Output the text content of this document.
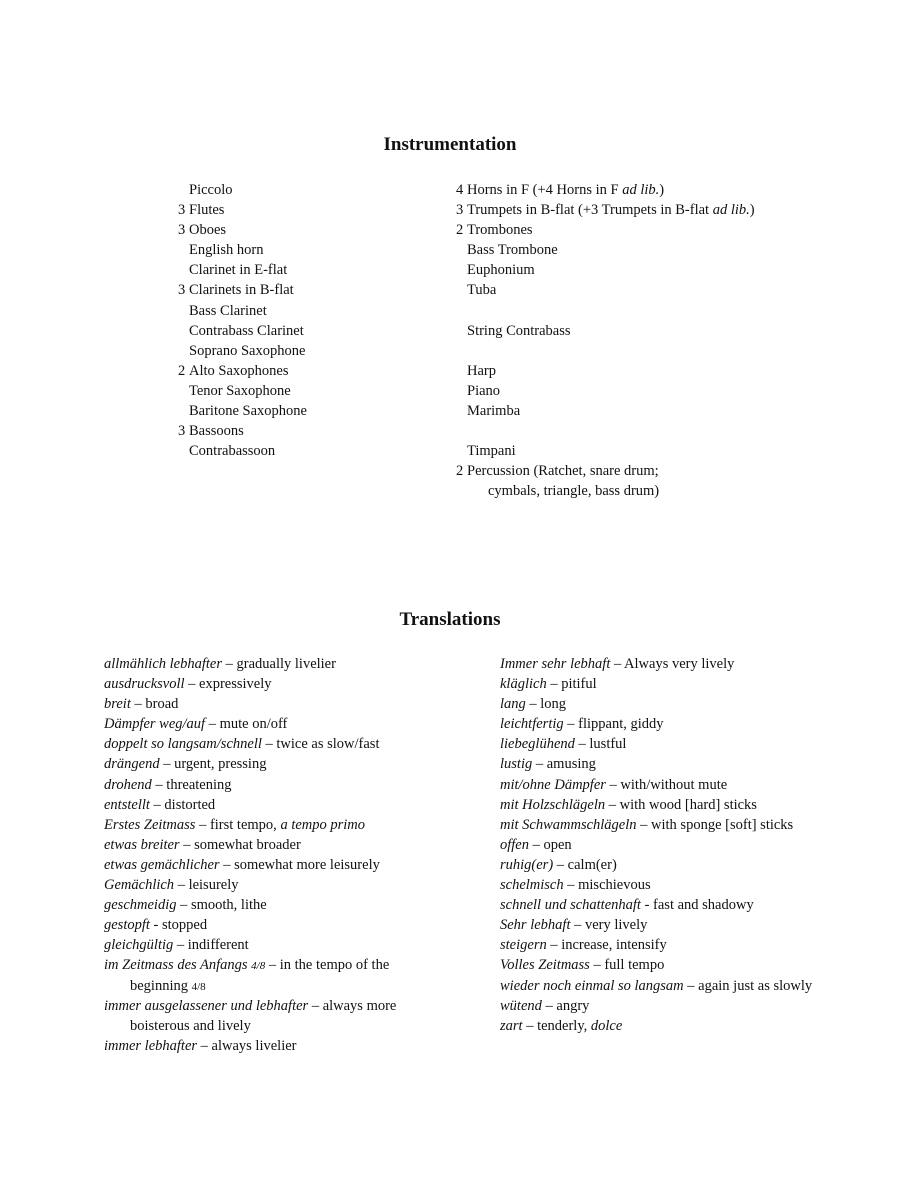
Instrumentation
Piccolo
3 Flutes
3 Oboes
English horn
Clarinet in E-flat
3 Clarinets in B-flat
Bass Clarinet
Contrabass Clarinet
Soprano Saxophone
2 Alto Saxophones
Tenor Saxophone
Baritone Saxophone
3 Bassoons
Contrabassoon
4 Horns in F (+4 Horns in F ad lib.)
3 Trumpets in B-flat (+3 Trumpets in B-flat ad lib.)
2 Trombones
Bass Trombone
Euphonium
Tuba
String Contrabass
Harp
Piano
Marimba
Timpani
2 Percussion (Ratchet, snare drum;
cymbals, triangle, bass drum)
Translations
allmählich lebhafter – gradually livelier
ausdrucksvoll – expressively
breit – broad
Dämpfer weg/auf – mute on/off
doppelt so langsam/schnell – twice as slow/fast
drängend – urgent, pressing
drohend – threatening
entstellt – distorted
Erstes Zeitmass – first tempo, a tempo primo
etwas breiter – somewhat broader
etwas gemächlicher – somewhat more leisurely
Gemächlich – leisurely
geschmeidig – smooth, lithe
gestopft - stopped
gleichgültig – indifferent
im Zeitmass des Anfangs 4/8 – in the tempo of the
beginning 4/8
immer ausgelassener und lebhafter – always more
boisterous and lively
immer lebhafter – always livelier
Immer sehr lebhaft – Always very lively
kläglich – pitiful
lang – long
leichtfertig – flippant, giddy
liebeglühend – lustful
lustig – amusing
mit/ohne Dämpfer – with/without mute
mit Holzschlägeln – with wood [hard] sticks
mit Schwammschlägeln – with sponge [soft] sticks
offen – open
ruhig(er) – calm(er)
schelmisch – mischievous
schnell und schattenhaft - fast and shadowy
Sehr lebhaft – very lively
steigern – increase, intensify
Volles Zeitmass – full tempo
wieder noch einmal so langsam – again just as slowly
wütend – angry
zart – tenderly, dolce
